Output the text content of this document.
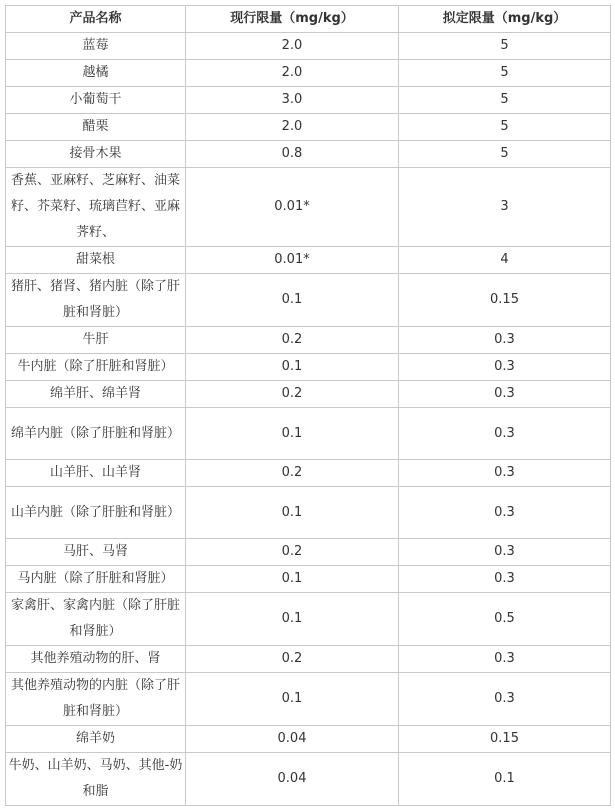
产品名称	现行限量（mg/kg）	拟定限量（mg/kg）
蓝莓	2.0	5
越橘	2.0	5
小葡萄干	3.0	5
醋栗	2.0	5
接骨木果	0.8	5
香蕉、亚麻籽、芝麻籽、油菜籽、芥菜籽、琉璃苣籽、亚麻荠籽、	0.01*	3
甜菜根	0.01*	4
猪肝、猪肾、猪内脏（除了肝脏和肾脏）	0.1	0.15
牛肝	0.2	0.3
牛内脏（除了肝脏和肾脏）	0.1	0.3
绵羊肝、绵羊肾	0.2	0.3
绵羊内脏（除了肝脏和肾脏）	0.1	0.3
山羊肝、山羊肾	0.2	0.3
山羊内脏（除了肝脏和肾脏）	0.1	0.3
马肝、马肾	0.2	0.3
马内脏（除了肝脏和肾脏）	0.1	0.3
家禽肝、家禽内脏（除了肝脏和肾脏）	0.1	0.5
其他养殖动物的肝、肾	0.2	0.3
其他养殖动物的内脏（除了肝脏和肾脏）	0.1	0.3
绵羊奶	0.04	0.15
牛奶、山羊奶、马奶、其他-奶和脂	0.04	0.1
